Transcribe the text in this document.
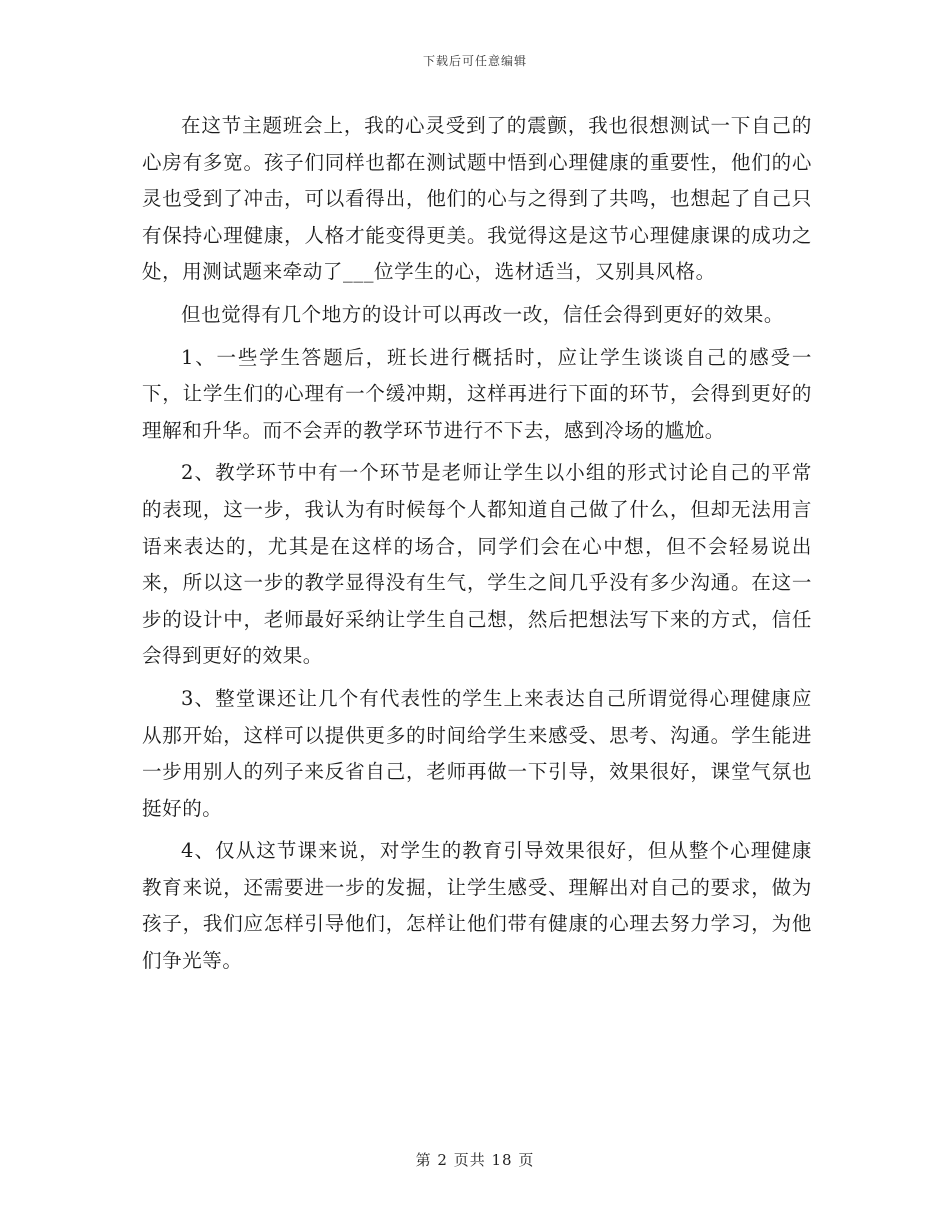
下载后可任意编辑

在这节主题班会上，我的心灵受到了的震颤，我也很想测试一下自己的心房有多宽。孩子们同样也都在测试题中悟到心理健康的重要性，他们的心灵也受到了冲击，可以看得出，他们的心与之得到了共鸣，也想起了自己只有保持心理健康，人格才能变得更美。我觉得这是这节心理健康课的成功之处，用测试题来牵动了___位学生的心，选材适当，又别具风格。

但也觉得有几个地方的设计可以再改一改，信任会得到更好的效果。

1、一些学生答题后，班长进行概括时，应让学生谈谈自己的感受一下，让学生们的心理有一个缓冲期，这样再进行下面的环节，会得到更好的理解和升华。而不会弄的教学环节进行不下去，感到冷场的尴尬。

2、教学环节中有一个环节是老师让学生以小组的形式讨论自己的平常的表现，这一步，我认为有时候每个人都知道自己做了什么，但却无法用言语来表达的，尤其是在这样的场合，同学们会在心中想，但不会轻易说出来，所以这一步的教学显得没有生气，学生之间几乎没有多少沟通。在这一步的设计中，老师最好采纳让学生自己想，然后把想法写下来的方式，信任会得到更好的效果。

3、整堂课还让几个有代表性的学生上来表达自己所谓觉得心理健康应从那开始，这样可以提供更多的时间给学生来感受、思考、沟通。学生能进一步用别人的列子来反省自己，老师再做一下引导，效果很好，课堂气氛也挺好的。

4、仅从这节课来说，对学生的教育引导效果很好，但从整个心理健康教育来说，还需要进一步的发掘，让学生感受、理解出对自己的要求，做为孩子，我们应怎样引导他们，怎样让他们带有健康的心理去努力学习，为他们争光等。

第 2 页共 18 页
